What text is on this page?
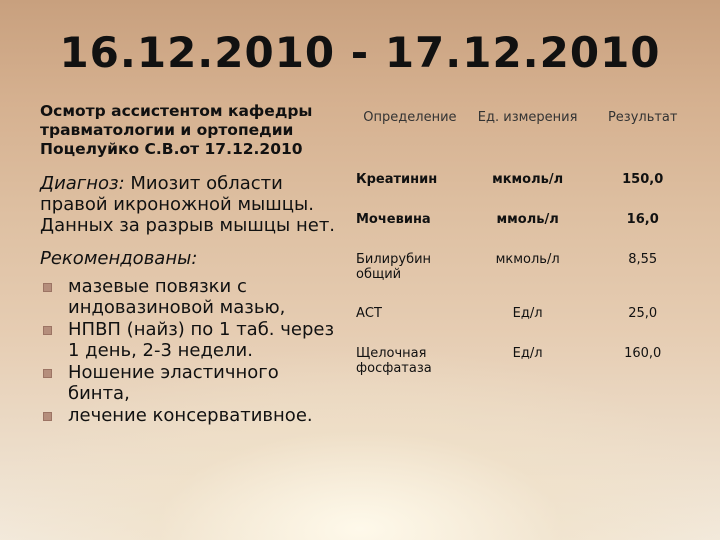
16.12.2010 - 17.12.2010
Осмотр ассистентом кафедры травматологии и ортопедии Поцелуйко С.В.от 17.12.2010
Диагноз: Миозит области правой икроножной мышцы. Данных за разрыв мышцы нет.
Рекомендованы:
мазевые повязки с индовазиновой мазью,
НПВП (найз) по 1 таб. через 1 день, 2-3 недели.
Ношение эластичного бинта,
лечение консервативное.
Определение	Ед. измерения	Результат
Креатинин	мкмоль/л	150,0
Мочевина	ммоль/л	16,0
Билирубин общий	мкмоль/л	8,55
АСТ	Ед/л	25,0
Щелочная фосфатаза	Ед/л	160,0
